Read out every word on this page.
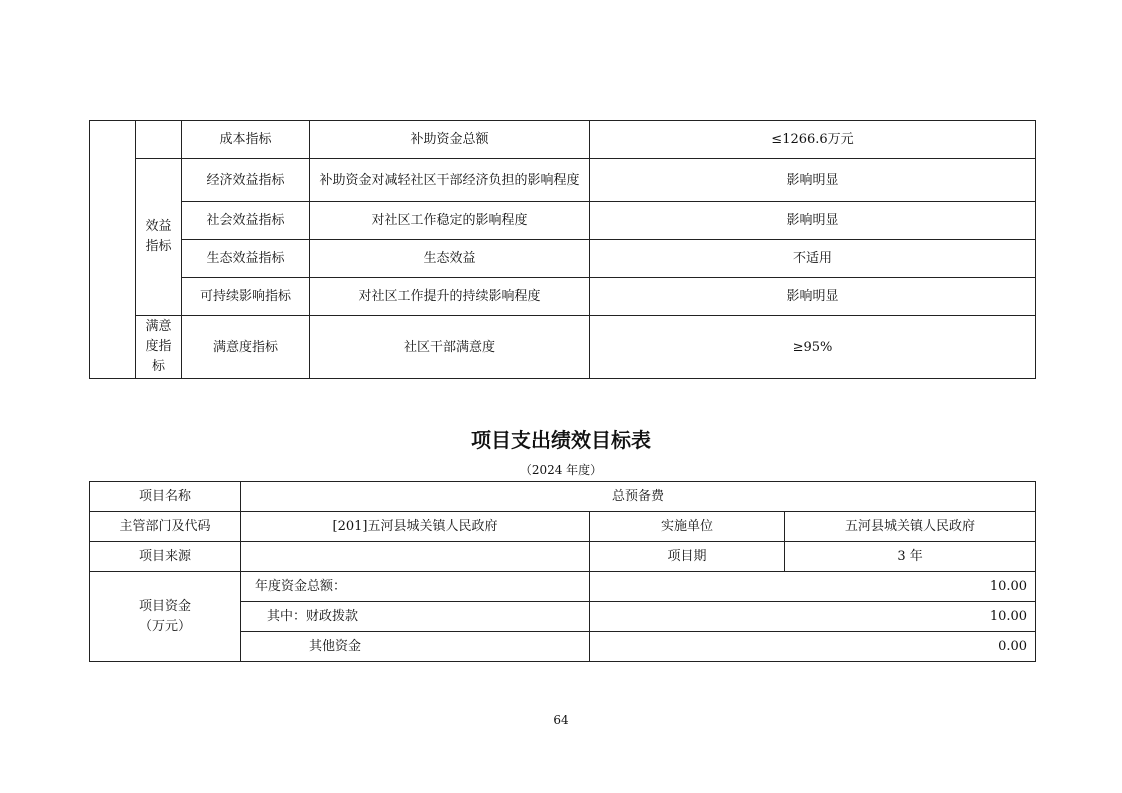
		成本指标	补助资金总额	≤1266.6万元
	效益指标	经济效益指标	补助资金对减轻社区干部经济负担的影响程度	影响明显
		社会效益指标	对社区工作稳定的影响程度	影响明显
		生态效益指标	生态效益	不适用
		可持续影响指标	对社区工作提升的持续影响程度	影响明显
	满意度指标	满意度指标	社区干部满意度	≥95%
项目支出绩效目标表
（2024 年度）
项目名称	总预备费		
主管部门及代码	[201]五河县城关镇人民政府	实施单位	五河县城关镇人民政府
项目来源		项目期	3 年
项目资金（万元）	年度资金总额：	10.00	
	其中：财政拨款	10.00	
	其他资金	0.00	
64
